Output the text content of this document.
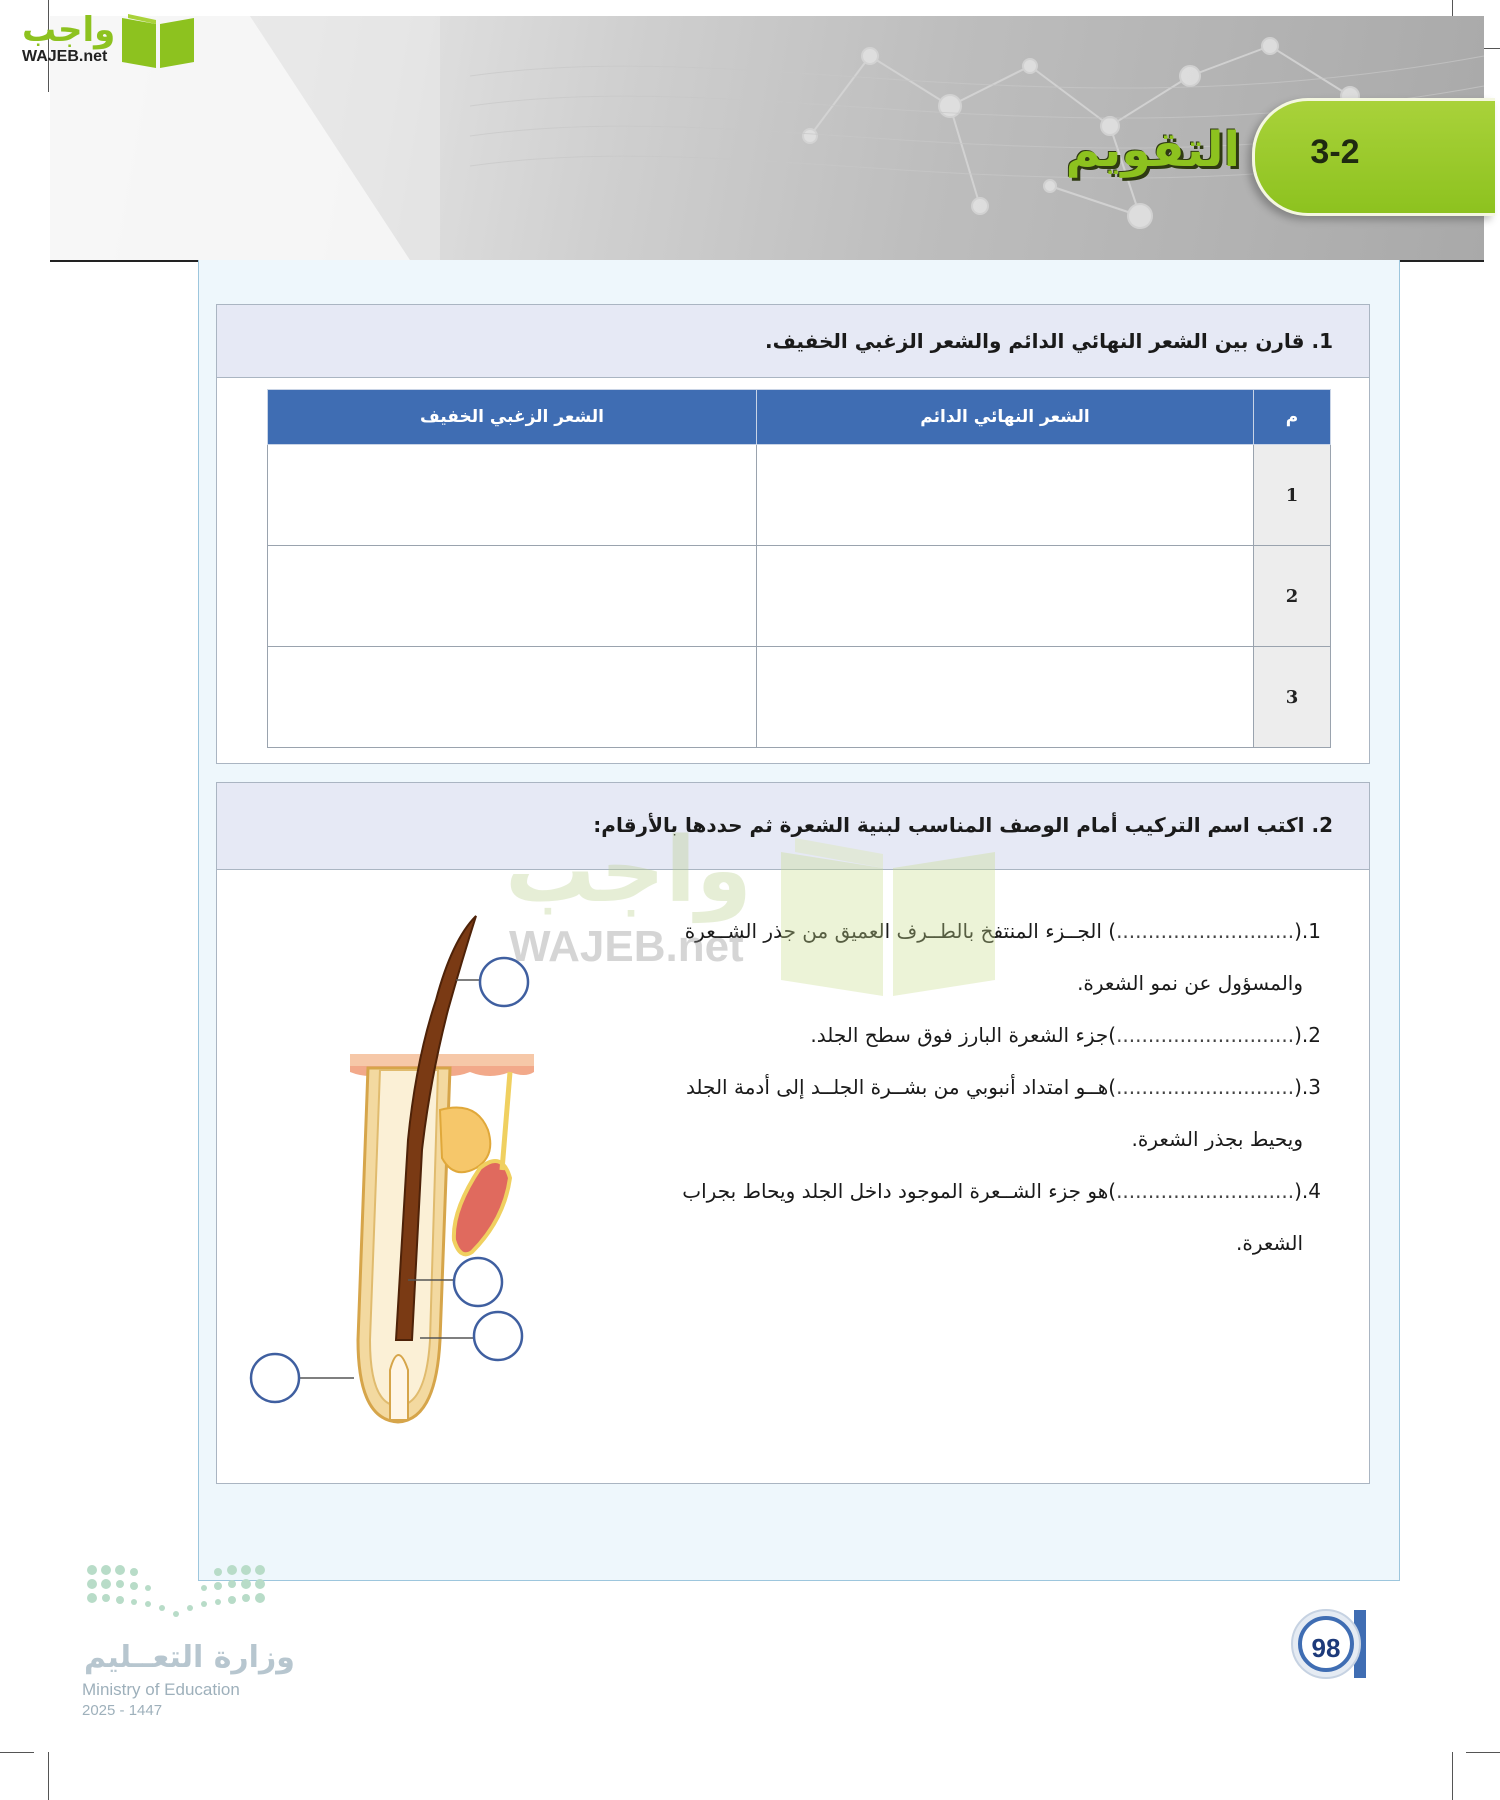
3-2
التقويم
واجب
WAJEB.net
1. قارن بين الشعر النهائي الدائم والشعر الزغبي الخفيف.
م	الشعر النهائي الدائم	الشعر الزغبي الخفيف
1		
2		
3		
2. اكتب اسم التركيب أمام الوصف المناسب لبنية الشعرة ثم حددها بالأرقام:
1.(............................) الجــزء المنتفخ بالطــرف العميق من جذر الشــعرة
والمسؤول عن نمو الشعرة.
2.(............................)جزء الشعرة البارز فوق سطح الجلد.
3.(............................)هــو امتداد أنبوبي من بشــرة الجلــد إلى أدمة الجلد
ويحيط بجذر الشعرة.
4.(............................)هو جزء الشــعرة الموجود داخل الجلد ويحاط بجراب
الشعرة.
واجب
WAJEB.net
وزارة التعــليم
Ministry of Education
2025 - 1447
98
